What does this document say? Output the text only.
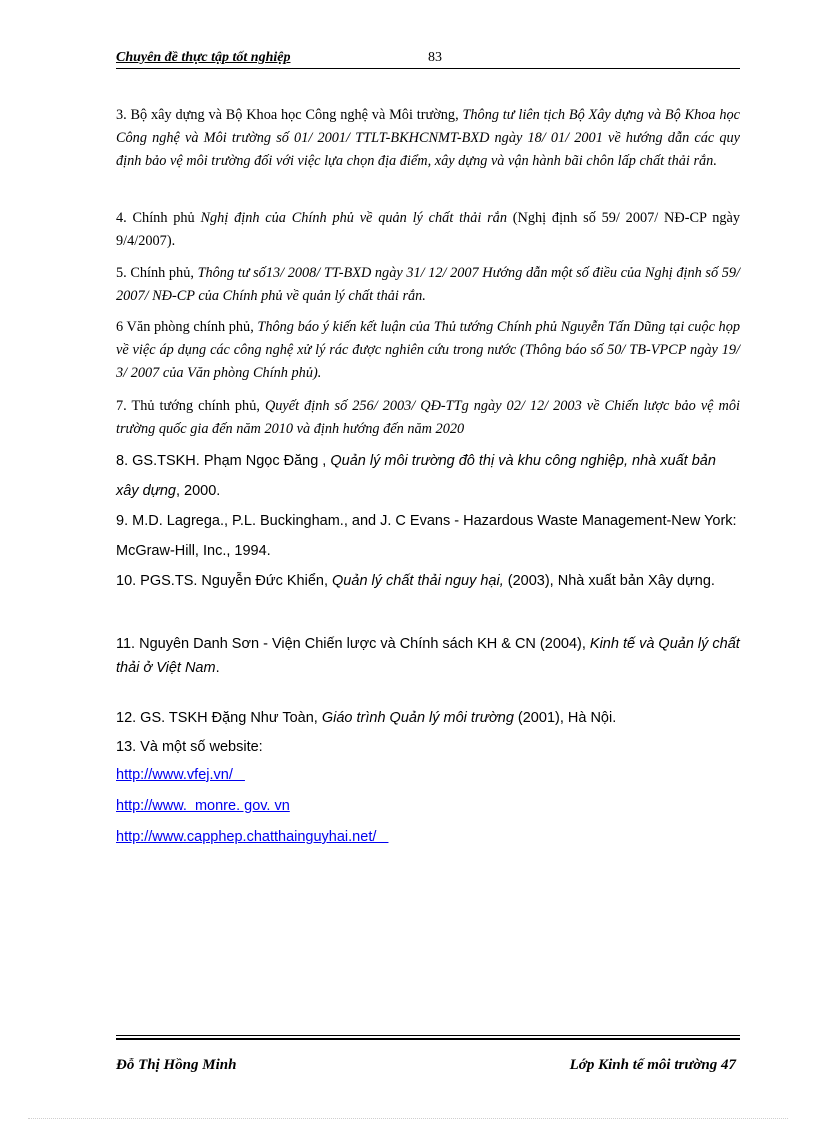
Chuyên đề thực tập tốt nghiệp	83
3. Bộ xây dựng và Bộ Khoa học Công nghệ và Môi trường, Thông tư liên tịch Bộ Xây dựng và Bộ Khoa học Công nghệ và Môi trường số 01/ 2001/ TTLT-BKHCNMT-BXD ngày 18/ 01/ 2001 về hướng dẫn các quy định bảo vệ môi trường đối với việc lựa chọn địa điểm, xây dựng và vận hành bãi chôn lấp chất thải rắn.
4. Chính phủ Nghị định của Chính phủ về quản lý chất thải rắn (Nghị định số 59/ 2007/ NĐ-CP ngày 9/4/2007).
5. Chính phủ, Thông tư số13/ 2008/ TT-BXD ngày 31/ 12/ 2007 Hướng dẫn một số điều của Nghị định số 59/ 2007/ NĐ-CP của Chính phủ về quản lý chất thải rắn.
6 Văn phòng chính phủ, Thông báo ý kiến kết luận của Thủ tướng Chính phủ Nguyễn Tấn Dũng tại cuộc họp về việc áp dụng các công nghệ xử lý rác được nghiên cứu trong nước (Thông báo số 50/ TB-VPCP ngày 19/ 3/ 2007 của Văn phòng Chính phủ).
7. Thủ tướng chính phủ, Quyết định số 256/ 2003/ QĐ-TTg ngày 02/ 12/ 2003 về Chiến lược bảo vệ môi trường quốc gia đến năm 2010 và định hướng đến năm 2020
8. GS.TSKH. Phạm Ngọc Đăng , Quản lý môi trường đô thị và khu công nghiệp, nhà xuất bản xây dựng, 2000.
9. M.D. Lagrega., P.L. Buckingham., and J. C Evans - Hazardous Waste Management-New York: McGraw-Hill, Inc., 1994.
10. PGS.TS. Nguyễn Đức Khiển, Quản lý chất thải nguy hại, (2003), Nhà xuất bản Xây dựng.
11. Nguyên Danh Sơn - Viện Chiến lược và Chính sách KH & CN (2004), Kinh tế và Quản lý chất thải ở Việt Nam.
12. GS. TSKH Đặng Như Toàn, Giáo trình Quản lý môi trường (2001), Hà Nội.
13. Và một số website:
http://www.vfej.vn/
http://www.  monre. gov. vn
http://www.capphep.chatthainguyhai.net/
Đỗ Thị Hồng Minh	Lớp Kinh tế môi trường 47
